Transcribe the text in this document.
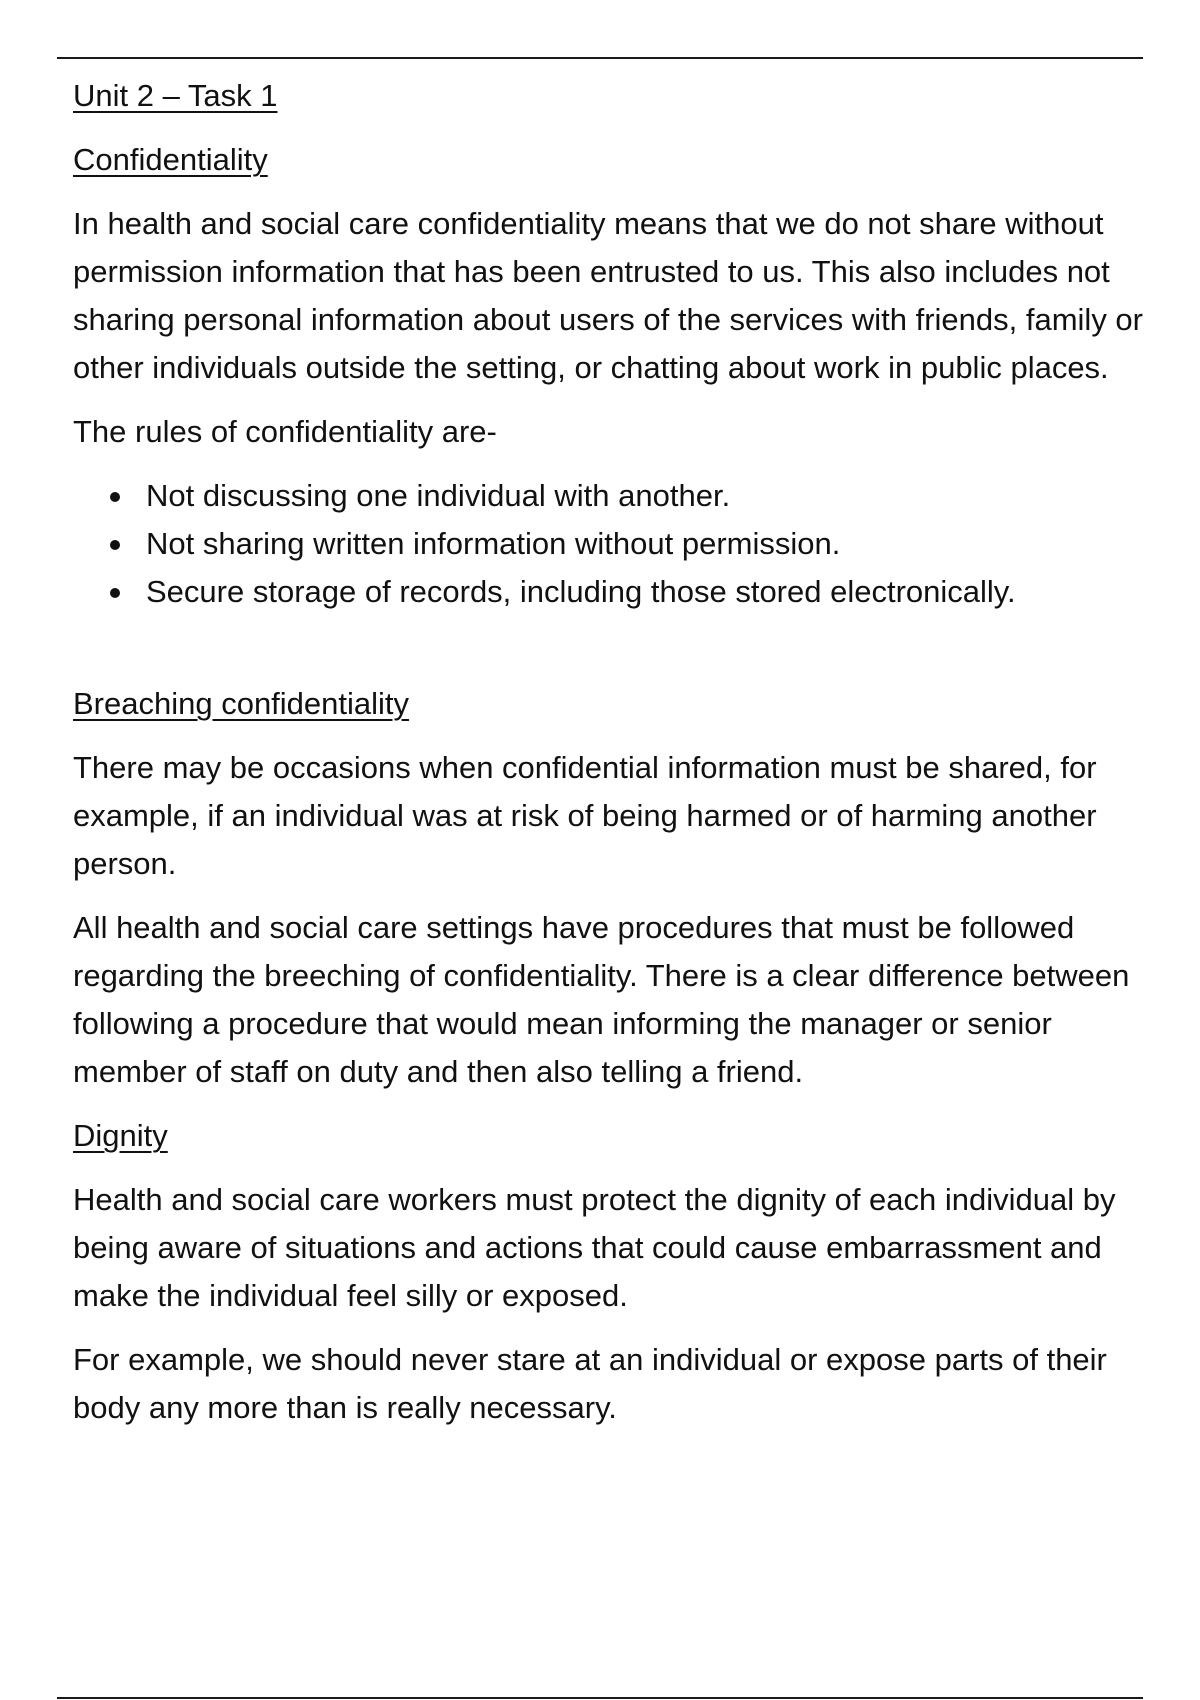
Unit 2 – Task 1
Confidentiality

In health and social care confidentiality means that we do not share without permission information that has been entrusted to us. This also includes not sharing personal information about users of the services with friends, family or other individuals outside the setting, or chatting about work in public places.

The rules of confidentiality are-

Not discussing one individual with another.
Not sharing written information without permission.
Secure storage of records, including those stored electronically.
Breaching confidentiality

There may be occasions when confidential information must be shared, for example, if an individual was at risk of being harmed or of harming another person.

All health and social care settings have procedures that must be followed regarding the breeching of confidentiality. There is a clear difference between following a procedure that would mean informing the manager or senior member of staff on duty and then also telling a friend.

Dignity

Health and social care workers must protect the dignity of each individual by being aware of situations and actions that could cause embarrassment and make the individual feel silly or exposed.

For example, we should never stare at an individual or expose parts of their body any more than is really necessary.
